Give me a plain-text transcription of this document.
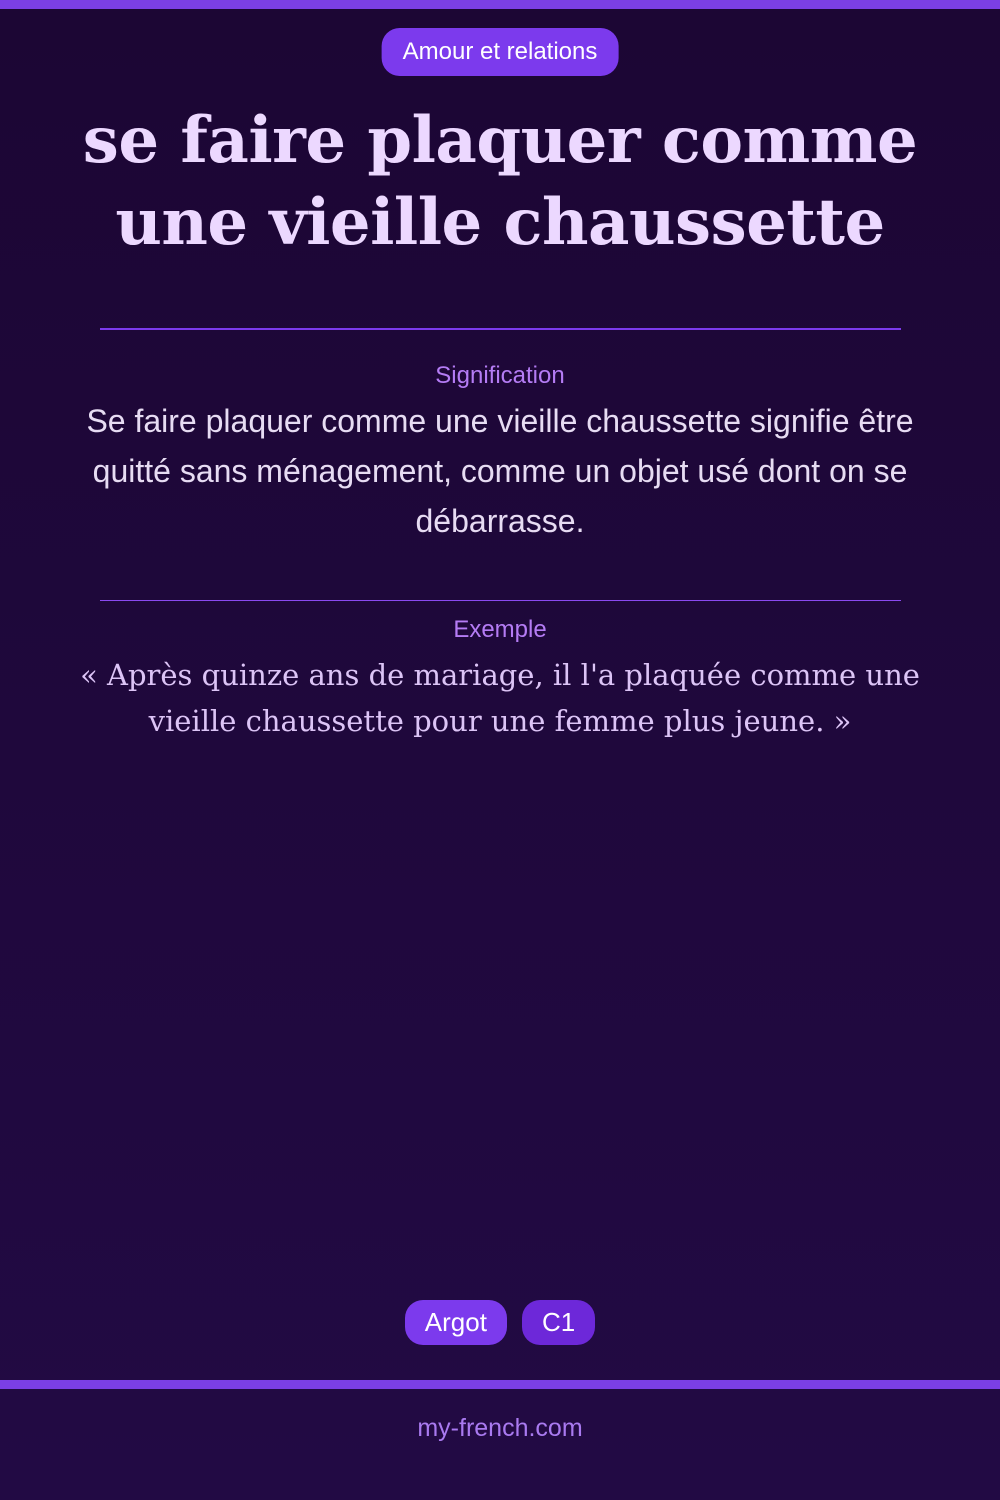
Amour et relations
se faire plaquer comme une vieille chaussette
Signification

Se faire plaquer comme une vieille chaussette signifie être quitté sans ménagement, comme un objet usé dont on se débarrasse.

Exemple

« Après quinze ans de mariage, il l'a plaquée comme une vieille chaussette pour une femme plus jeune. »

Argot	C1
my-french.com
